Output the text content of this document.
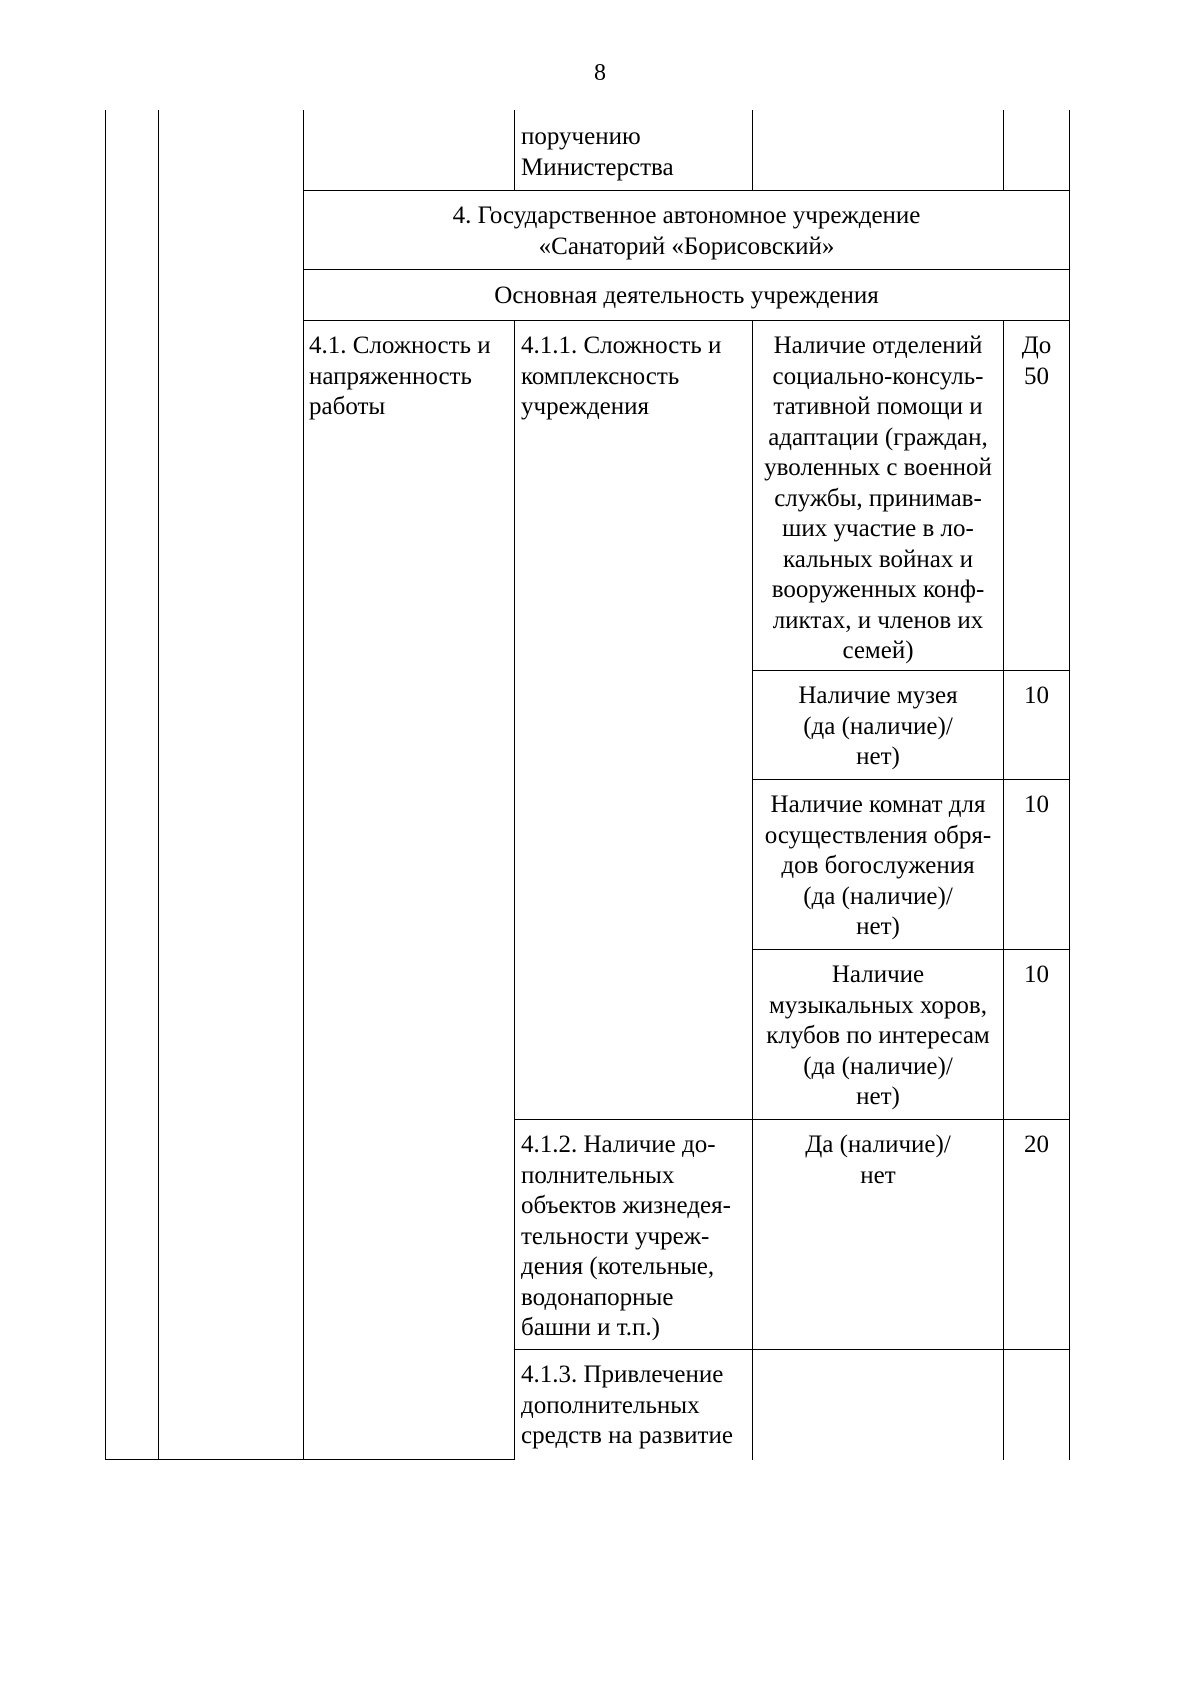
8
поручению
Министерства
4. Государственное автономное учреждение
«Санаторий «Борисовский»
Основная деятельность учреждения
4.1. Сложность и
напряженность
работы
4.1.1. Сложность и
комплексность
учреждения
Наличие отделений
социально-консуль-
тативной помощи и
адаптации (граждан,
уволенных с военной
службы, принимав-
ших участие в ло-
кальных войнах и
вооруженных конф-
ликтах, и членов их
семей)
До
50
Наличие музея
(да (наличие)/
нет)
10
Наличие комнат для
осуществления обря-
дов богослужения
(да (наличие)/
нет)
10
Наличие
музыкальных хоров,
клубов по интересам
(да (наличие)/
нет)
10
4.1.2. Наличие до-
полнительных
объектов жизнедея-
тельности учреж-
дения (котельные,
водонапорные
башни и т.п.)
Да (наличие)/
нет
20
4.1.3. Привлечение
дополнительных
средств на развитие
